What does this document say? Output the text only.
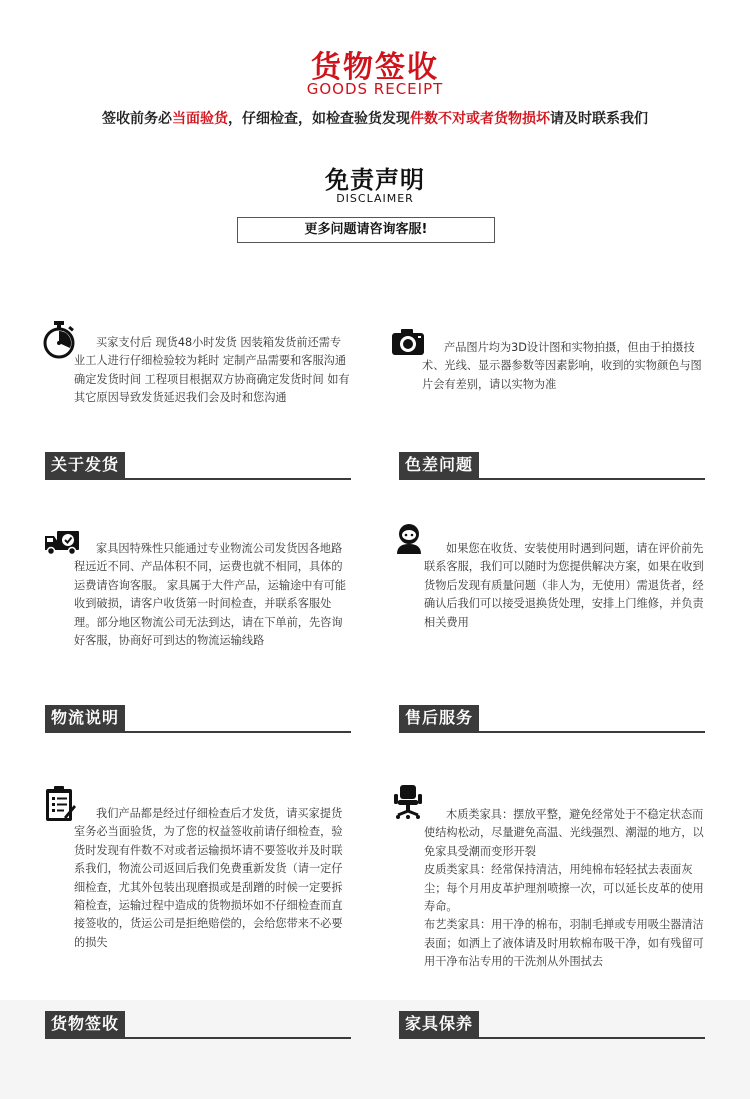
货物签收
GOODS RECEIPT
签收前务必当面验货，仔细检查，如检查验货发现件数不对或者货物损坏请及时联系我们
免责声明
DISCLAIMER
更多问题请咨询客服!

买家支付后 现货48小时发货 因装箱发货前还需专业工人进行仔细检验较为耗时 定制产品需要和客服沟通确定发货时间 工程项目根据双方协商确定发货时间 如有其它原因导致发货延迟我们会及时和您沟通

关于发货

产品图片均为3D设计图和实物拍摄，但由于拍摄技术、光线、显示器参数等因素影响，收到的实物颜色与图片会有差别，请以实物为准

色差问题

家具因特殊性只能通过专业物流公司发货因各地路程远近不同、产品体积不同，运费也就不相同，具体的运费请咨询客服。 家具属于大件产品，运输途中有可能收到破损，请客户收货第一时间检查，并联系客服处理。部分地区物流公司无法到达，请在下单前，先咨询好客服，协商好可到达的物流运输线路

物流说明

如果您在收货、安装使用时遇到问题，请在评价前先联系客服，我们可以随时为您提供解决方案，如果在收到货物后发现有质量问题（非人为，无使用）需退货者，经确认后我们可以接受退换货处理，安排上门维修，并负责相关费用

售后服务

我们产品都是经过仔细检查后才发货，请买家提货室务必当面验货，为了您的权益签收前请仔细检查，验货时发现有件数不对或者运输损坏请不要签收并及时联系我们，物流公司返回后我们免费重新发货（请一定仔细检查，尤其外包装出现磨损或是刮蹭的时候一定要拆箱检查，运输过程中造成的货物损坏如不仔细检查而直接签收的，货运公司是拒绝赔偿的，会给您带来不必要的损失

木质类家具：摆放平整，避免经常处于不稳定状态而使结构松动，尽量避免高温、光线强烈、潮湿的地方，以免家具受潮而变形开裂

皮质类家具：经常保持清洁，用纯棉布轻轻拭去表面灰尘；每个月用皮革护理剂喷擦一次，可以延长皮革的使用寿命。

布艺类家具：用干净的棉布，羽制毛掸或专用吸尘器清洁表面；如洒上了液体请及时用软棉布吸干净，如有残留可用干净布沾专用的干洗剂从外围拭去

货物签收	家具保养
